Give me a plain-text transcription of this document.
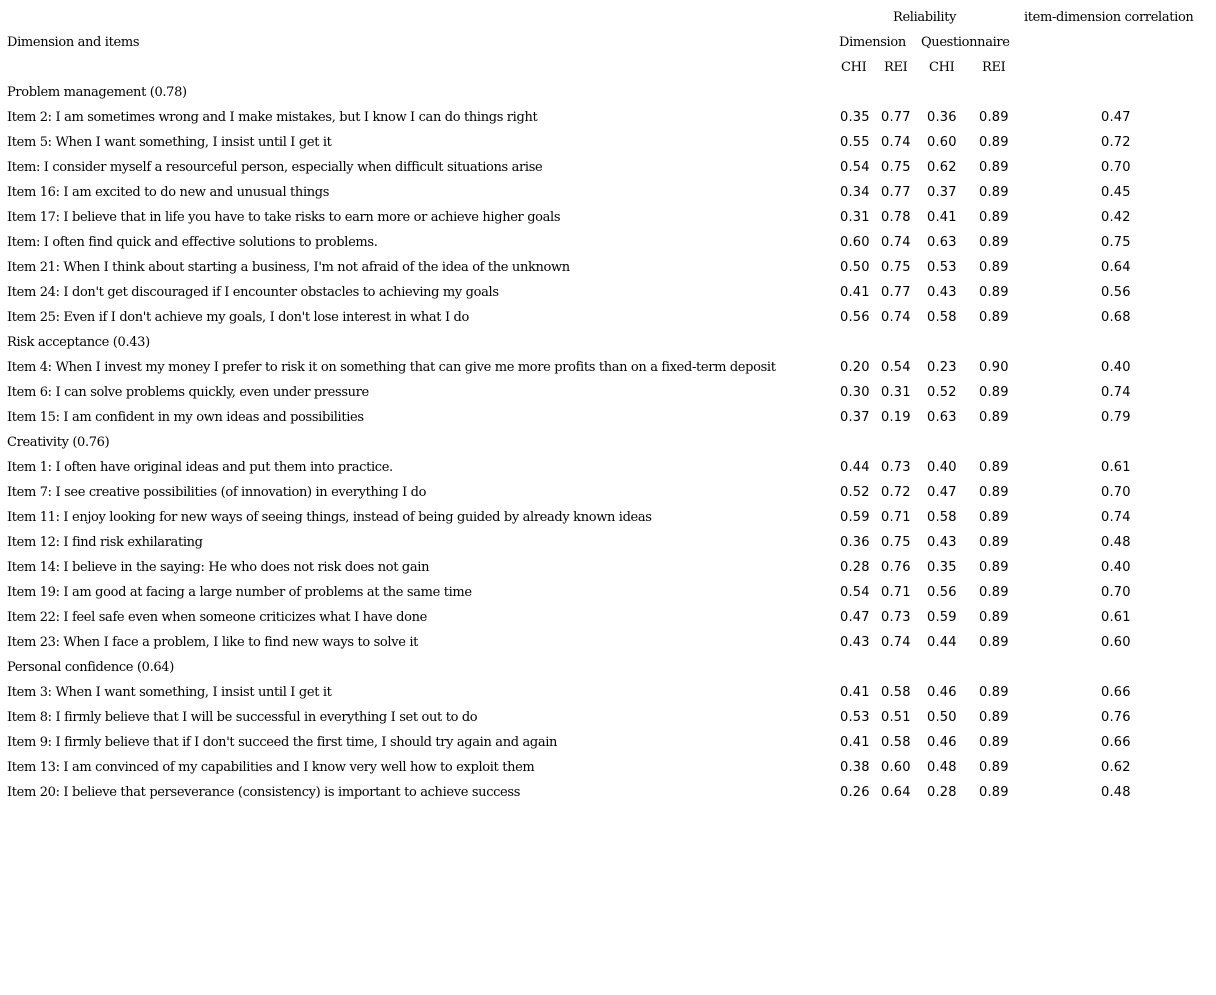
Reliability	item-dimension correlation
Dimension and items	Dimension Questionnaire
CHI REI CHI REI
Problem management (0.78)
Item 2: I am sometimes wrong and I make mistakes, but I know I can do things right	0.35 0.77 0.36 0.89	0.47
Item 5: When I want something, I insist until I get it	0.55 0.74 0.60 0.89	0.72
Item: I consider myself a resourceful person, especially when difficult situations arise	0.54 0.75 0.62 0.89	0.70
Item 16: I am excited to do new and unusual things	0.34 0.77 0.37 0.89	0.45
Item 17: I believe that in life you have to take risks to earn more or achieve higher goals	0.31 0.78 0.41 0.89	0.42
Item: I often find quick and effective solutions to problems.	0.60 0.74 0.63 0.89	0.75
Item 21: When I think about starting a business, I'm not afraid of the idea of the unknown	0.50 0.75 0.53 0.89	0.64
Item 24: I don't get discouraged if I encounter obstacles to achieving my goals	0.41 0.77 0.43 0.89	0.56
Item 25: Even if I don't achieve my goals, I don't lose interest in what I do	0.56 0.74 0.58 0.89	0.68
Risk acceptance (0.43)
Item 4: When I invest my money I prefer to risk it on something that can give me more profits than on a fixed-term deposit	0.20 0.54 0.23 0.90	0.40
Item 6: I can solve problems quickly, even under pressure	0.30 0.31 0.52 0.89	0.74
Item 15: I am confident in my own ideas and possibilities	0.37 0.19 0.63 0.89	0.79
Creativity (0.76)
Item 1: I often have original ideas and put them into practice.	0.44 0.73 0.40 0.89	0.61
Item 7: I see creative possibilities (of innovation) in everything I do	0.52 0.72 0.47 0.89	0.70
Item 11: I enjoy looking for new ways of seeing things, instead of being guided by already known ideas	0.59 0.71 0.58 0.89	0.74
Item 12: I find risk exhilarating	0.36 0.75 0.43 0.89	0.48
Item 14: I believe in the saying: He who does not risk does not gain	0.28 0.76 0.35 0.89	0.40
Item 19: I am good at facing a large number of problems at the same time	0.54 0.71 0.56 0.89	0.70
Item 22: I feel safe even when someone criticizes what I have done	0.47 0.73 0.59 0.89	0.61
Item 23: When I face a problem, I like to find new ways to solve it	0.43 0.74 0.44 0.89	0.60
Personal confidence (0.64)
Item 3: When I want something, I insist until I get it	0.41 0.58 0.46 0.89	0.66
Item 8: I firmly believe that I will be successful in everything I set out to do	0.53 0.51 0.50 0.89	0.76
Item 9: I firmly believe that if I don't succeed the first time, I should try again and again	0.41 0.58 0.46 0.89	0.66
Item 13: I am convinced of my capabilities and I know very well how to exploit them	0.38 0.60 0.48 0.89	0.62
Item 20: I believe that perseverance (consistency) is important to achieve success	0.26 0.64 0.28 0.89	0.48
